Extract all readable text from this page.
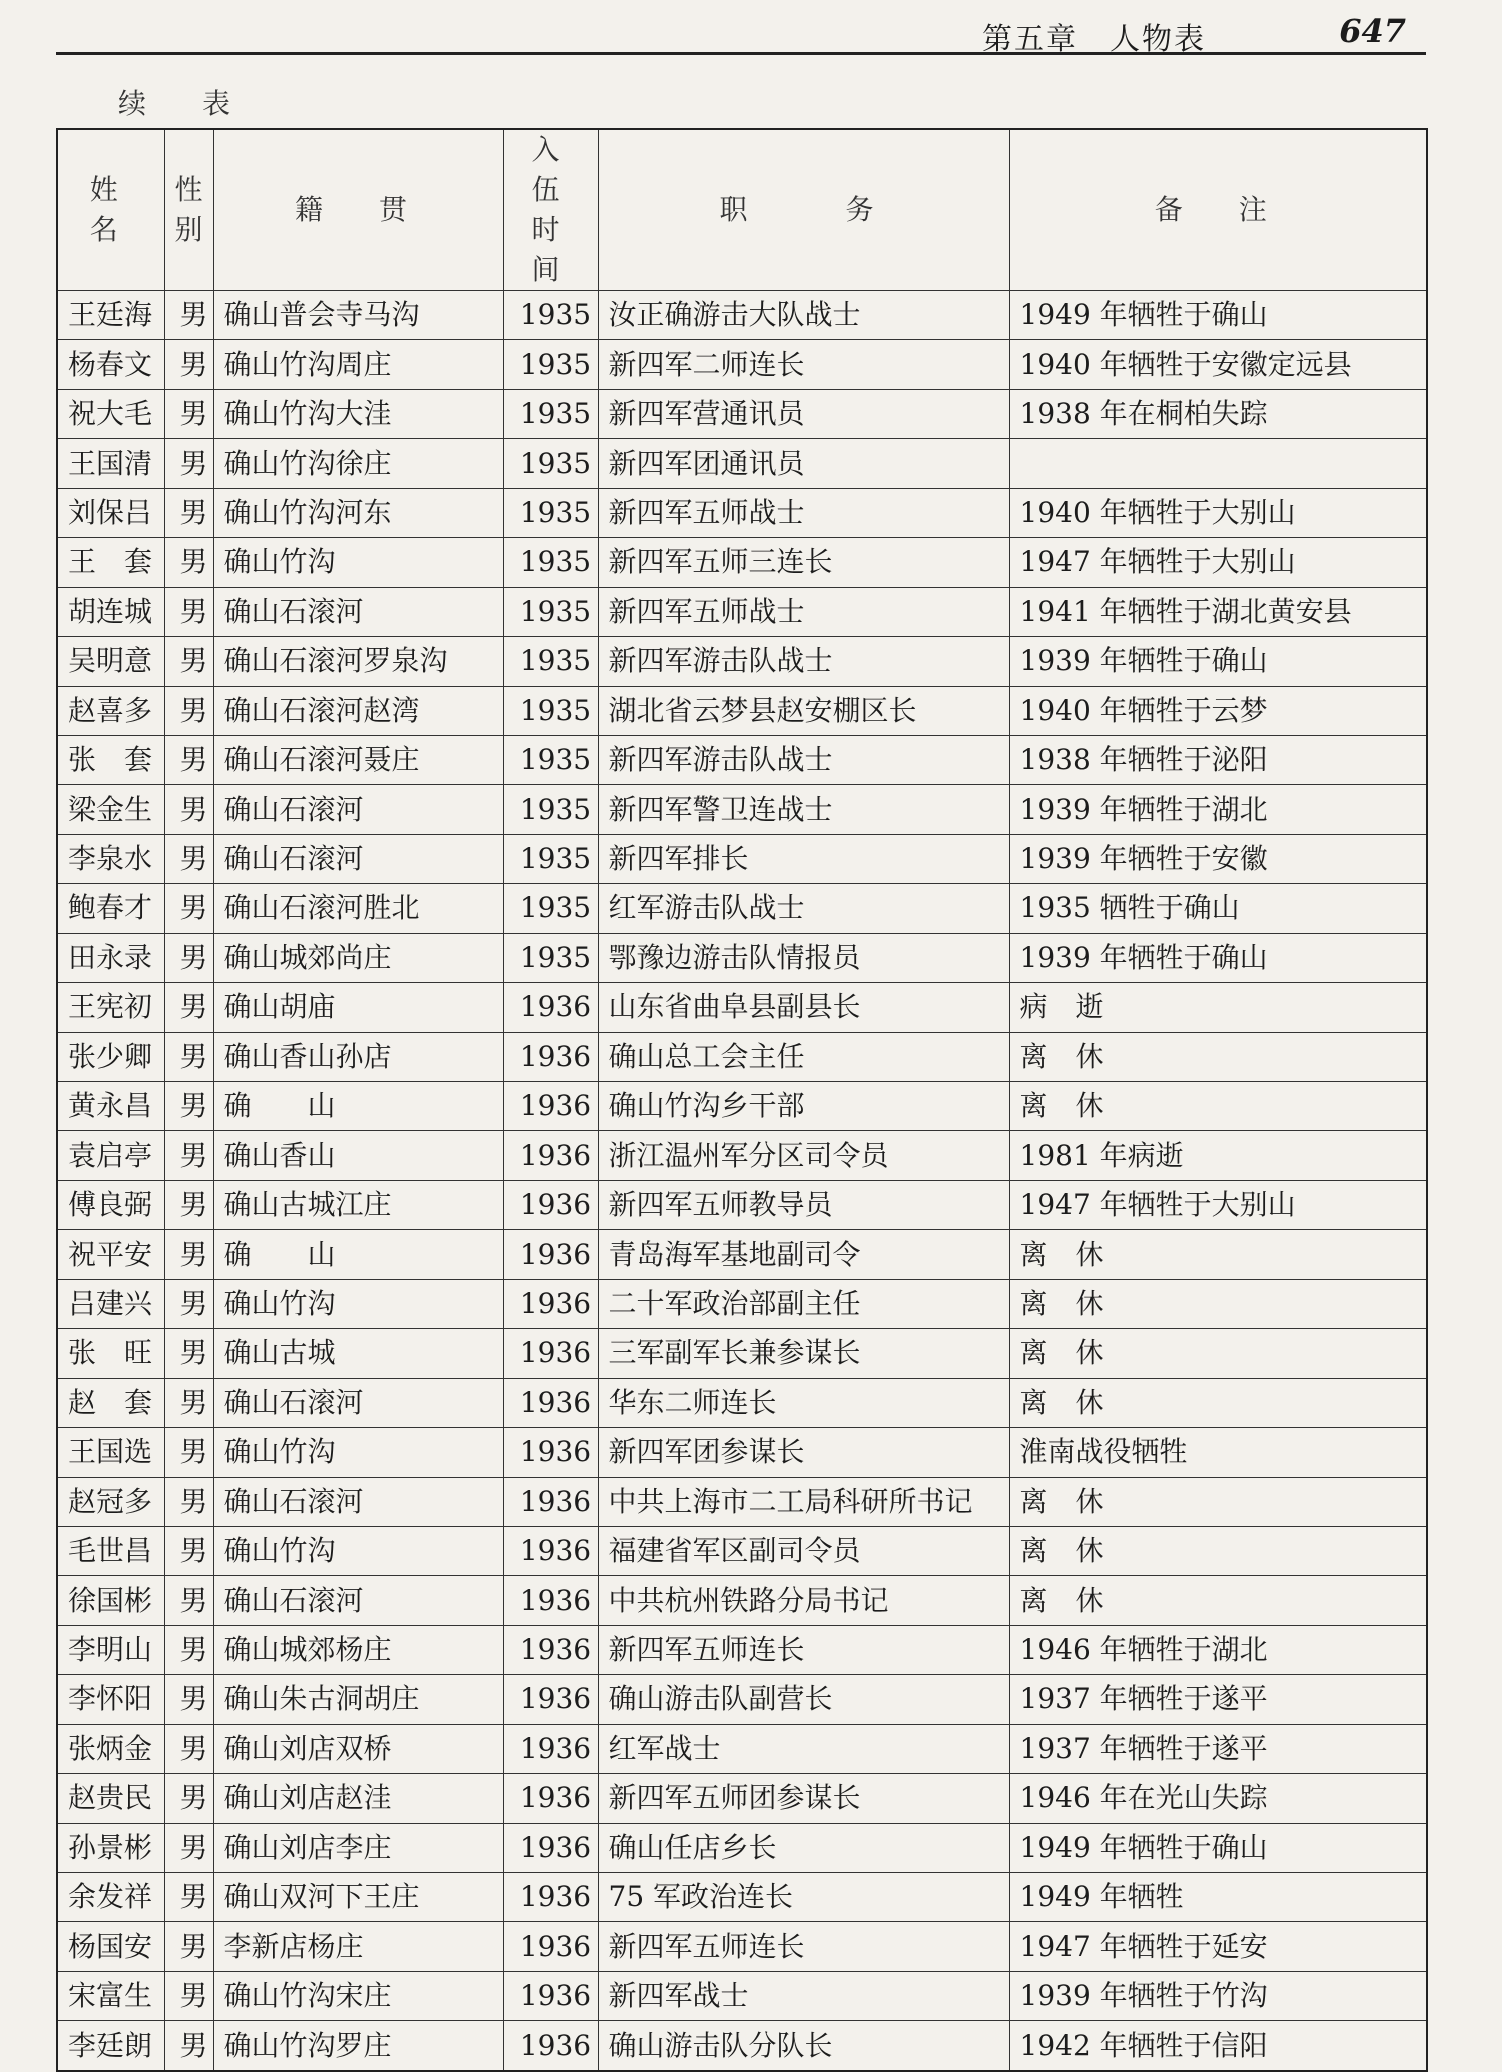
第五章　人物表	647
续　表
姓　名	性别	籍　贯	入伍时间	职　　务	备　注
王廷海	男	确山普会寺马沟	1935	汝正确游击大队战士	1949 年牺牲于确山
杨春文	男	确山竹沟周庄	1935	新四军二师连长	1940 年牺牲于安徽定远县
祝大毛	男	确山竹沟大洼	1935	新四军营通讯员	1938 年在桐柏失踪
王国清	男	确山竹沟徐庄	1935	新四军团通讯员	
刘保吕	男	确山竹沟河东	1935	新四军五师战士	1940 年牺牲于大别山
王　套	男	确山竹沟	1935	新四军五师三连长	1947 年牺牲于大别山
胡连城	男	确山石滚河	1935	新四军五师战士	1941 年牺牲于湖北黄安县
吴明意	男	确山石滚河罗泉沟	1935	新四军游击队战士	1939 年牺牲于确山
赵喜多	男	确山石滚河赵湾	1935	湖北省云梦县赵安棚区长	1940 年牺牲于云梦
张　套	男	确山石滚河聂庄	1935	新四军游击队战士	1938 年牺牲于泌阳
梁金生	男	确山石滚河	1935	新四军警卫连战士	1939 年牺牲于湖北
李泉水	男	确山石滚河	1935	新四军排长	1939 年牺牲于安徽
鲍春才	男	确山石滚河胜北	1935	红军游击队战士	1935 牺牲于确山
田永录	男	确山城郊尚庄	1935	鄂豫边游击队情报员	1939 年牺牲于确山
王宪初	男	确山胡庙	1936	山东省曲阜县副县长	病　逝
张少卿	男	确山香山孙店	1936	确山总工会主任	离　休
黄永昌	男	确　　山	1936	确山竹沟乡干部	离　休
袁启亭	男	确山香山	1936	浙江温州军分区司令员	1981 年病逝
傅良弼	男	确山古城江庄	1936	新四军五师教导员	1947 年牺牲于大别山
祝平安	男	确　　山	1936	青岛海军基地副司令	离　休
吕建兴	男	确山竹沟	1936	二十军政治部副主任	离　休
张　旺	男	确山古城	1936	三军副军长兼参谋长	离　休
赵　套	男	确山石滚河	1936	华东二师连长	离　休
王国选	男	确山竹沟	1936	新四军团参谋长	淮南战役牺牲
赵冠多	男	确山石滚河	1936	中共上海市二工局科研所书记	离　休
毛世昌	男	确山竹沟	1936	福建省军区副司令员	离　休
徐国彬	男	确山石滚河	1936	中共杭州铁路分局书记	离　休
李明山	男	确山城郊杨庄	1936	新四军五师连长	1946 年牺牲于湖北
李怀阳	男	确山朱古洞胡庄	1936	确山游击队副营长	1937 年牺牲于遂平
张炳金	男	确山刘店双桥	1936	红军战士	1937 年牺牲于遂平
赵贵民	男	确山刘店赵洼	1936	新四军五师团参谋长	1946 年在光山失踪
孙景彬	男	确山刘店李庄	1936	确山任店乡长	1949 年牺牲于确山
余发祥	男	确山双河下王庄	1936	75 军政治连长	1949 年牺牲
杨国安	男	李新店杨庄	1936	新四军五师连长	1947 年牺牲于延安
宋富生	男	确山竹沟宋庄	1936	新四军战士	1939 年牺牲于竹沟
李廷朗	男	确山竹沟罗庄	1936	确山游击队分队长	1942 年牺牲于信阳
